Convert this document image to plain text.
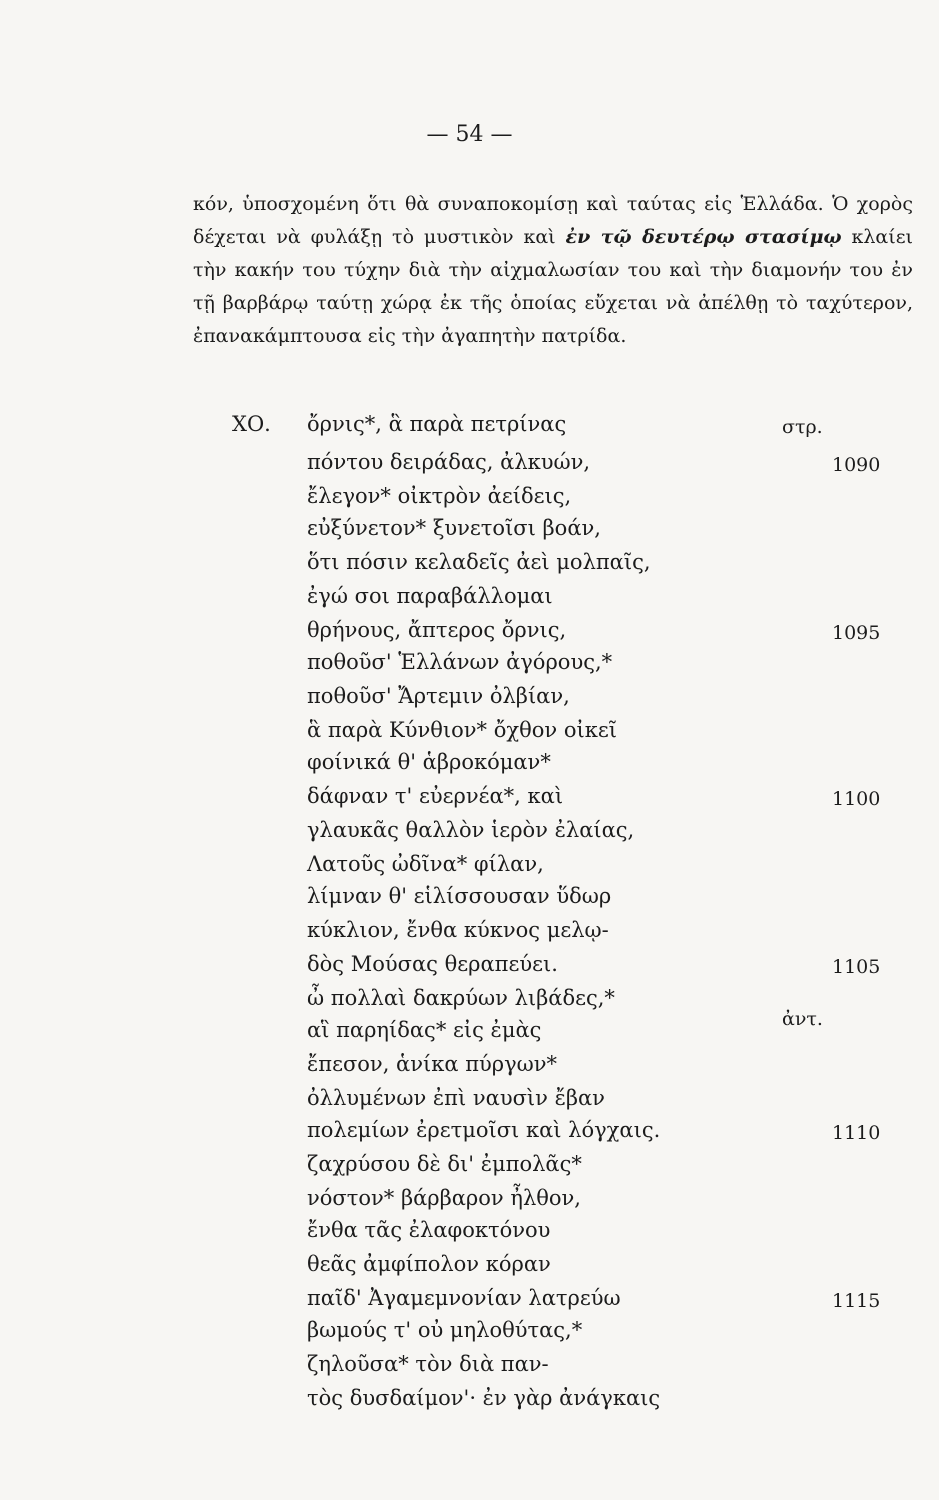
— 54 —
κόν, ὑποσχομένη ὅτι θὰ συναποκομίσῃ καὶ ταύτας εἰς Ἑλλάδα. Ὁ χορὸς δέχεται νὰ φυλάξῃ τὸ μυστικὸν καὶ ἐν τῷ δευτέρῳ στασίμῳ κλαίει τὴν κακήν του τύχην διὰ τὴν αἰχμαλωσίαν του καὶ τὴν διαμονήν του ἐν τῇ βαρβάρῳ ταύτῃ χώρᾳ ἐκ τῆς ὁποίας εὔχεται νὰ ἀπέλθῃ τὸ ταχύτερον, ἐπανακάμπτουσα εἰς τὴν ἀγαπητὴν πατρίδα.
ΧΟ.	στρ.
ἀντ.
ὄρνις*, ἃ παρὰ πετρίνας
πόντου δειράδας, ἀλκυών,
ἔλεγον* οἰκτρὸν ἀείδεις,
εὐξύνετον* ξυνετοῖσι βοάν,
ὅτι πόσιν κελαδεῖς ἀεὶ μολπαῖς,
ἐγώ σοι παραβάλλομαι
θρήνους, ἄπτερος ὄρνις,
ποθοῦσ' Ἑλλάνων ἀγόρους,*
ποθοῦσ' Ἄρτεμιν ὀλβίαν,
ἃ παρὰ Κύνθιον* ὄχθον οἰκεῖ
φοίνικά θ' ἁβροκόμαν*
δάφναν τ' εὐερνέα*, καὶ
γλαυκᾶς θαλλὸν ἱερὸν ἐλαίας,
Λατοῦς ὠδῖνα* φίλαν,
λίμναν θ' εἱλίσσουσαν ὕδωρ
κύκλιον, ἔνθα κύκνος μελῳ-
δὸς Μούσας θεραπεύει.
ὦ πολλαὶ δακρύων λιβάδες,*
αἳ παρηίδας* εἰς ἐμὰς
ἔπεσον, ἁνίκα πύργων*
ὀλλυμένων ἐπὶ ναυσὶν ἔβαν
πολεμίων ἐρετμοῖσι καὶ λόγχαις.
ζαχρύσου δὲ δι' ἐμπολᾶς*
νόστον* βάρβαρον ἦλθον,
ἔνθα τᾶς ἐλαφοκτόνου
θεᾶς ἀμφίπολον κόραν
παῖδ' Ἀγαμεμνονίαν λατρεύω
βωμούς τ' οὐ μηλοθύτας,*
ζηλοῦσα* τὸν διὰ παν-
τὸς δυσδαίμον'· ἐν γὰρ ἀνάγκαις
1090
1095
1100
1105
1110
1115
